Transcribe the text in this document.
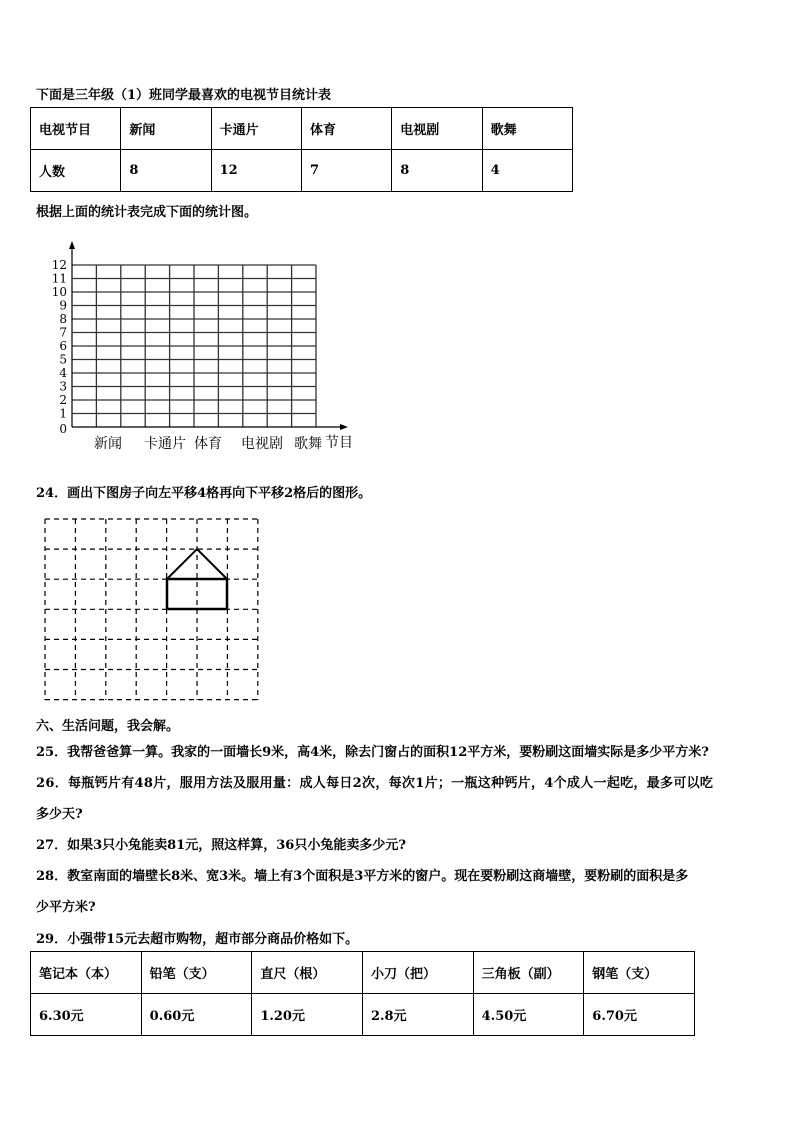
下面是三年级（1）班同学最喜欢的电视节目统计表
电视节目	新闻	卡通片	体育	电视剧	歌舞
人数	8	12	7	8	4
根据上面的统计表完成下面的统计图。
0
1
2
3
4
5
6
7
8
9
10
11
12
节目
新闻 卡通片 体育 电视剧 歌舞
24．画出下图房子向左平移4格再向下平移2格后的图形。
六、生活问题，我会解。
25．我帮爸爸算一算。我家的一面墙长9米，高4米，除去门窗占的面积12平方米，要粉刷这面墙实际是多少平方米?
26．每瓶钙片有48片，服用方法及服用量：成人每日2次，每次1片；一瓶这种钙片，4个成人一起吃，最多可以吃
多少天?
27．如果3只小兔能卖81元，照这样算，36只小兔能卖多少元?
28．教室南面的墙壁长8米、宽3米。墙上有3个面积是3平方米的窗户。现在要粉刷这商墙壁，要粉刷的面积是多
少平方米?
29．小强带15元去超市购物，超市部分商品价格如下。
笔记本（本）	铅笔（支）	直尺（根）	小刀（把）	三角板（副）	钢笔（支）
6.30元	0.60元	1.20元	2.8元	4.50元	6.70元
